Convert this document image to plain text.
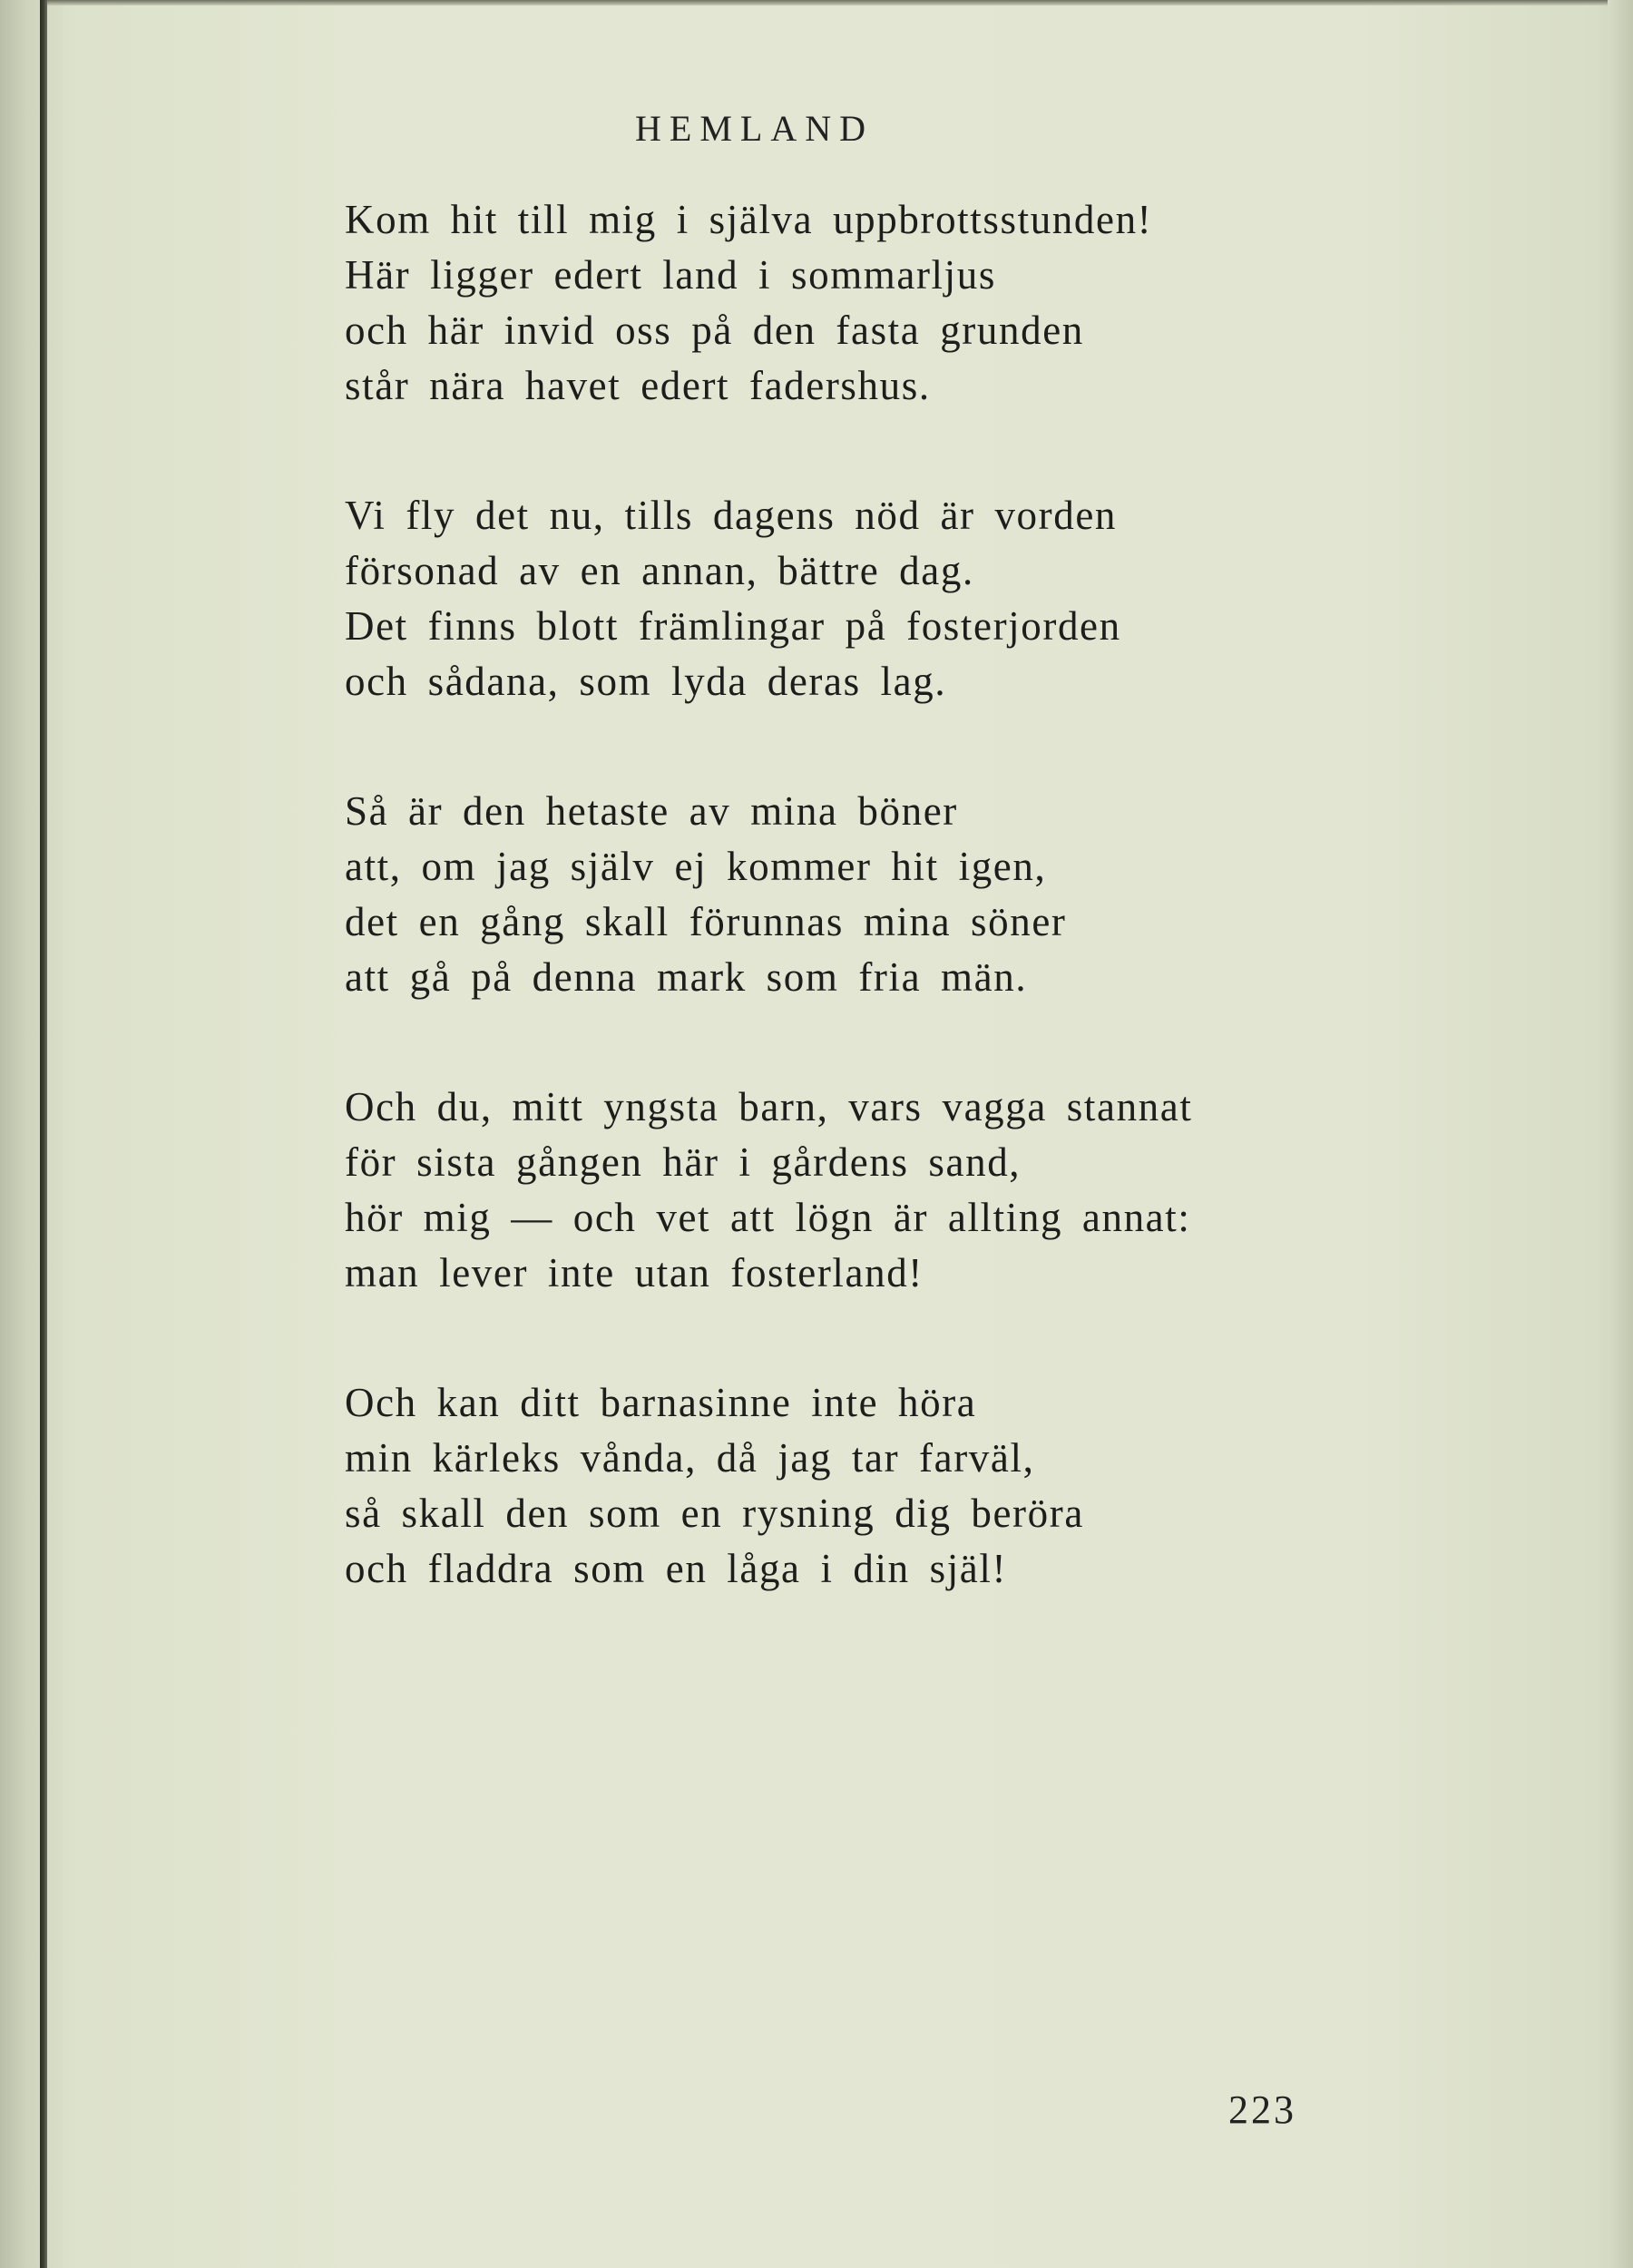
HEMLAND
Kom hit till mig i själva uppbrottsstunden!
Här ligger edert land i sommarljus
och här invid oss på den fasta grunden
står nära havet edert fadershus.
Vi fly det nu, tills dagens nöd är vorden
försonad av en annan, bättre dag.
Det finns blott främlingar på fosterjorden
och sådana, som lyda deras lag.
Så är den hetaste av mina böner
att, om jag själv ej kommer hit igen,
det en gång skall förunnas mina söner
att gå på denna mark som fria män.
Och du, mitt yngsta barn, vars vagga stannat
för sista gången här i gårdens sand,
hör mig — och vet att lögn är allting annat:
man lever inte utan fosterland!
Och kan ditt barnasinne inte höra
min kärleks vånda, då jag tar farväl,
så skall den som en rysning dig beröra
och fladdra som en låga i din själ!
223
